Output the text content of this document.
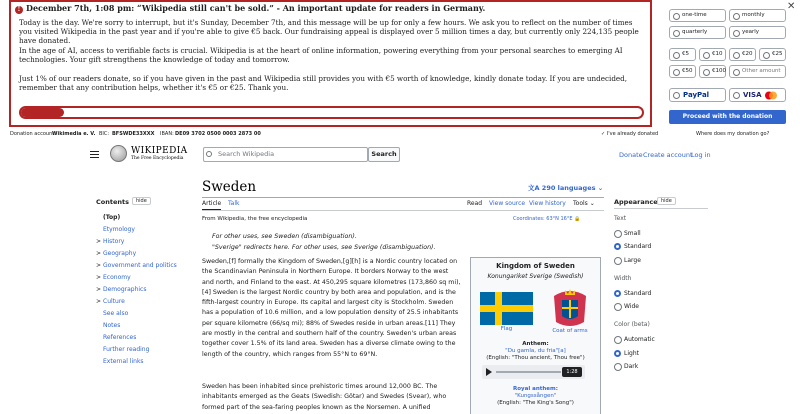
! December 7th, 1:08 pm: “Wikipedia still can't be sold.” - An important update for readers in Germany.
Today is the day. We're sorry to interrupt, but it's Sunday, December 7th, and this message will be up for only a few hours. We ask you to reflect on the number of times you visited Wikipedia in the past year and if you're able to give €5 back. Our fundraising appeal is displayed over 5 million times a day, but currently only 224,135 people have donated.
In the age of AI, access to verifiable facts is crucial. Wikipedia is at the heart of online information, powering everything from your personal searches to emerging AI technologies. Your gift strengthens the knowledge of today and tomorrow.
Just 1% of our readers donate, so if you have given in the past and Wikipedia still provides you with €5 worth of knowledge, kindly donate today. If you are undecided, remember that any contribution helps, whether it's €5 or €25. Thank you.
one-time	monthly
quarterly	yearly
€5	€10	€20	€25
€50	€100	Other amount
PayPal	VISA
Proceed with the donation
✕
Donation account:
Wikimedia e. V. BIC: BFSWDE33XXX IBAN: DE09 3702 0500 0003 2873 00	✓ I've already donated	Where does my donation go?
WIKIPEDIA
The Free Encyclopedia
Search Wikipedia	Search	Donate Create account
Log in
Contents	hide
(Top)
Etymology
> History
> Geography
> Government and politics
> Economy
> Demographics
> Culture
See also
Notes
References
Further reading
External links
Sweden	文A 290 languages ⌄
Article Talk	Read View source View history Tools ⌄
From Wikipedia, the free encyclopedia	Coordinates: 63°N 16°E 🔒
For other uses, see Sweden (disambiguation).
"Sverige" redirects here. For other uses, see Sverige (disambiguation).
Sweden,[f] formally the Kingdom of Sweden,[g][h] is a Nordic country located on the Scandinavian Peninsula in Northern Europe. It borders Norway to the west and north, and Finland to the east. At 450,295 square kilometres (173,860 sq mi),[4] Sweden is the largest Nordic country by both area and population, and is the fifth-largest country in Europe. Its capital and largest city is Stockholm. Sweden has a population of 10.6 million, and a low population density of 25.5 inhabitants per square kilometre (66/sq mi); 88% of Swedes reside in urban areas.[11] They are mostly in the central and southern half of the country. Sweden's urban areas together cover 1.5% of its land area. Sweden has a diverse climate owing to the length of the country, which ranges from 55°N to 69°N.
Sweden has been inhabited since prehistoric times around 12,000 BC. The inhabitants emerged as the Geats (Swedish: Götar) and Swedes (Svear), who formed part of the sea-faring peoples known as the Norsemen. A unified
Kingdom of Sweden
Konungariket Sverige (Swedish)
Flag	Coat of arms
Anthem:
"Du gamla, du fria"[a]
(English: "Thou ancient, Thou free")
1:28
Royal anthem:
"Kungssången"
(English: "The King's Song")
Appearance hide
Text
Small
Standard
Large
Width
Standard
Wide
Color (beta)
Automatic
Light
Dark
